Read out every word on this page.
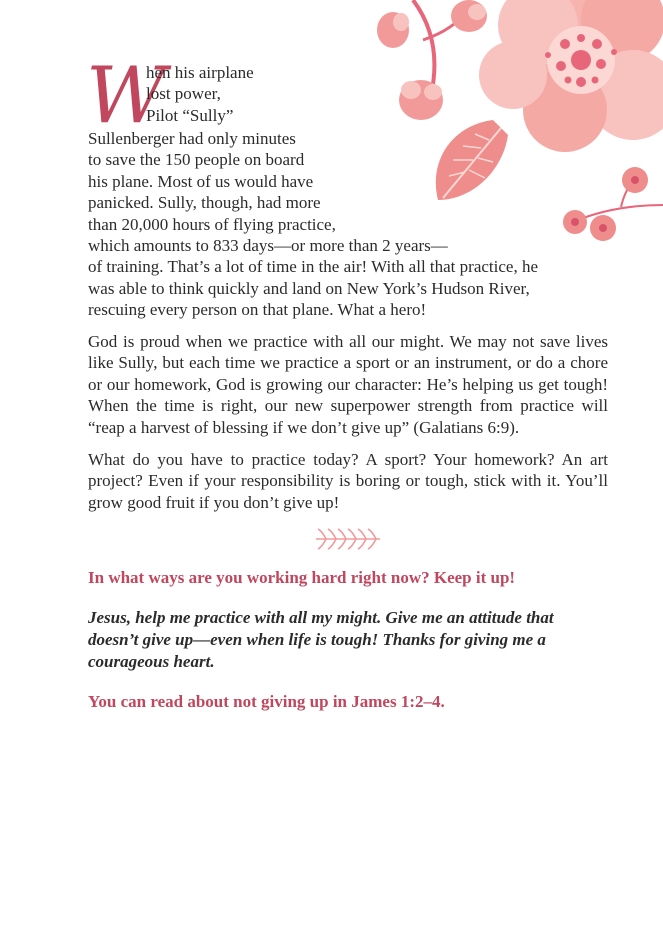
W
hen his airplane
lost power,
Pilot “Sully”
Sullenberger had only minutes
to save the 150 people on board
his plane. Most of us would have
panicked. Sully, though, had more
than 20,000 hours of flying practice,
which amounts to 833 days—or more than 2 years—
of training. That’s a lot of time in the air! With all that practice, he
was able to think quickly and land on New York’s Hudson River,
rescuing every person on that plane. What a hero!

God is proud when we practice with all our might. We may not save lives like Sully, but each time we practice a sport or an instrument, or do a chore or our homework, God is growing our character: He’s helping us get tough! When the time is right, our new superpower strength from practice will “reap a harvest of blessing if we don’t give up” (Galatians 6:9).

What do you have to practice today? A sport? Your homework? An art project? Even if your responsibility is boring or tough, stick with it. You’ll grow good fruit if you don’t give up!

In what ways are you working hard right now? Keep it up!

Jesus, help me practice with all my might. Give me an attitude that doesn’t give up—even when life is tough! Thanks for giving me a courageous heart.

You can read about not giving up in James 1:2–4.
